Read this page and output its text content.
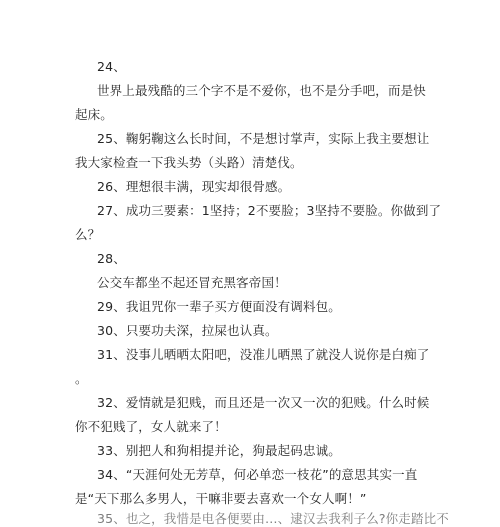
24、
世界上最残酷的三个字不是不爱你，也不是分手吧，而是快
起床。
25、鞠躬鞠这么长时间，不是想讨掌声，实际上我主要想让
我大家检查一下我头势（头路）清楚伐。
26、理想很丰满，现实却很骨感。
27、成功三要素：1坚持；2不要脸；3坚持不要脸。你做到了
么？
28、
公交车都坐不起还冒充黑客帝国！
29、我诅咒你一辈子买方便面没有调料包。
30、只要功夫深，拉屎也认真。
31、没事儿晒晒太阳吧，没准儿晒黑了就没人说你是白痴了
。
32、爱情就是犯贱，而且还是一次又一次的犯贱。什么时候
你不犯贱了，女人就来了！
33、别把人和狗相提并论，狗最起码忠诚。
34、“天涯何处无芳草，何必单恋一枝花”的意思其实一直
是“天下那么多男人，干嘛非要去喜欢一个女人啊！”
35、也之，我惜是电各便要由…、逮汉去我利子么?你走踏比不
